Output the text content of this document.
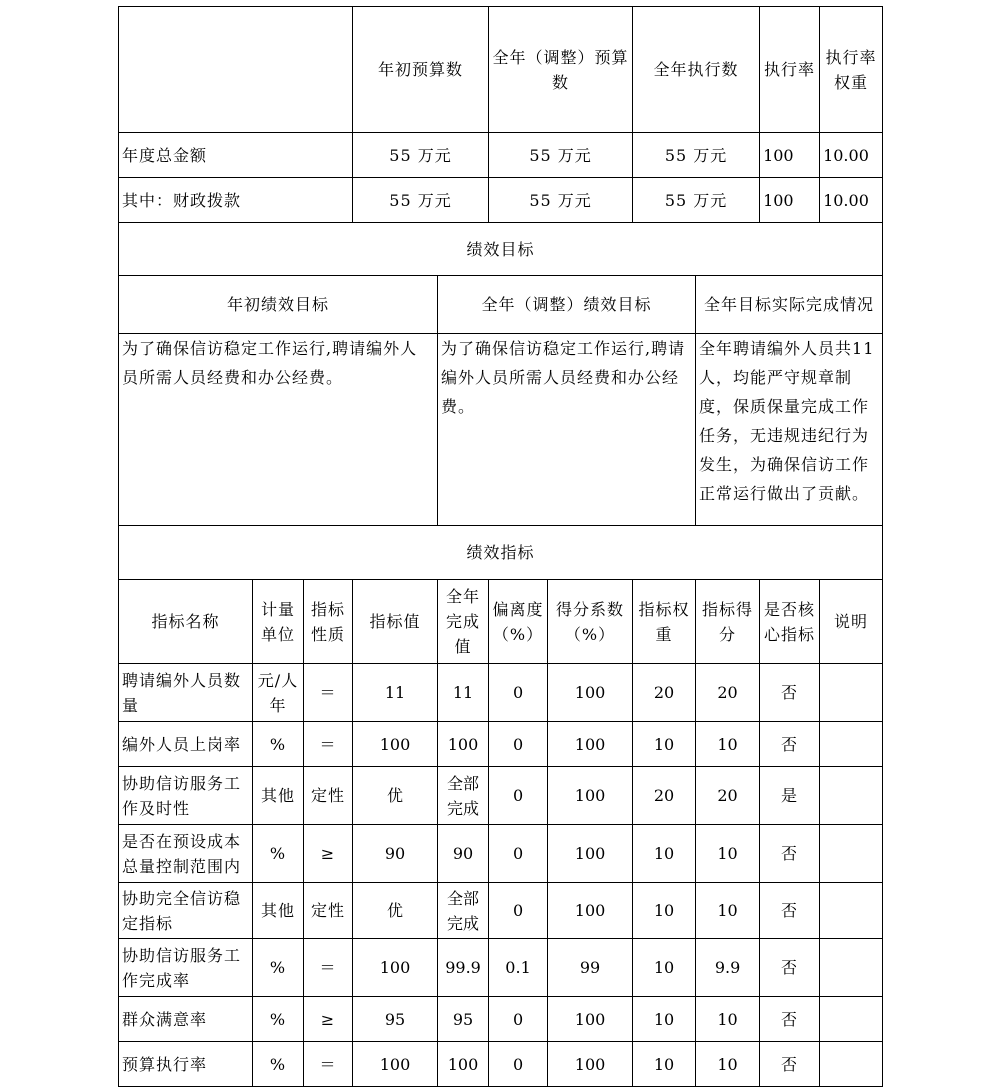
			年初预算数		全年（调整）预算数		全年执行数		执行率	执行率权重	
年度总金额			55 万元		55 万元		55 万元		100	10.00	
其中：财政拨款			55 万元		55 万元		55 万元		100	10.00	
绩效目标											
年初绩效目标				全年（调整）绩效目标				全年目标实际完成情况			
为了确保信访稳定工作运行,聘请编外人员所需人员经费和办公经费。				为了确保信访稳定工作运行,聘请编外人员所需人员经费和办公经费。				全年聘请编外人员共11人，均能严守规章制度，保质保量完成工作任务，无违规违纪行为发生，为确保信访工作正常运行做出了贡献。			
绩效指标											
指标名称	计量单位	指标性质	指标值	全年完成值	偏离度（%）	得分系数（%）	指标权重	指标得分	是否核心指标	说明	
聘请编外人员数量	元/人年	＝	11	11	0	100	20	20	否		
编外人员上岗率	%	＝	100	100	0	100	10	10	否		
协助信访服务工作及时性	其他	定性	优	全部完成	0	100	20	20	是		
是否在预设成本总量控制范围内	%	≥	90	90	0	100	10	10	否		
协助完全信访稳定指标	其他	定性	优	全部完成	0	100	10	10	否		
协助信访服务工作完成率	%	＝	100	99.9	0.1	99	10	9.9	否		
群众满意率	%	≥	95	95	0	100	10	10	否		
预算执行率	%	＝	100	100	0	100	10	10	否		
